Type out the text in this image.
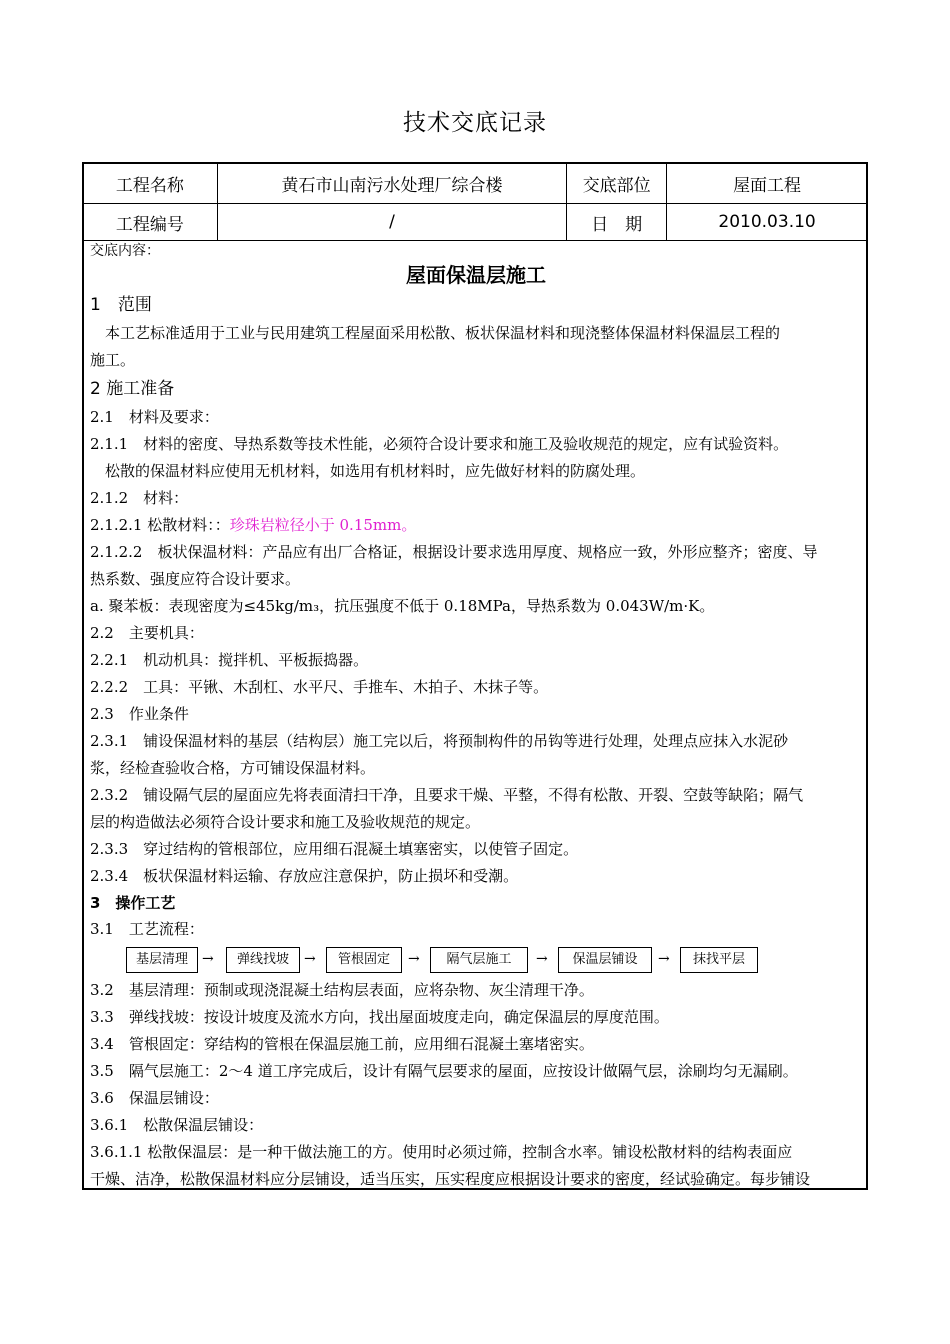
技术交底记录
工程名称	黄石市山南污水处理厂综合楼	交底部位	屋面工程
工程编号	/	日　期	2010.03.10
交底内容：
屋面保温层施工
1　范围
　本工艺标准适用于工业与民用建筑工程屋面采用松散、板状保温材料和现浇整体保温材料保温层工程的
施工。
2 施工准备
2.1　材料及要求：
2.1.1　材料的密度、导热系数等技术性能，必须符合设计要求和施工及验收规范的规定，应有试验资料。
　松散的保温材料应使用无机材料，如选用有机材料时，应先做好材料的防腐处理。
2.1.2　材料：
2.1.2.1 松散材料：：珍珠岩粒径小于 0.15mm。
2.1.2.2　板状保温材料：产品应有出厂合格证，根据设计要求选用厚度、规格应一致，外形应整齐；密度、导
热系数、强度应符合设计要求。
a. 聚苯板：表现密度为≤45kg/m₃，抗压强度不低于 0.18MPa，导热系数为 0.043W/m·K。
2.2　主要机具：
2.2.1　机动机具：搅拌机、平板振捣器。
2.2.2　工具：平锹、木刮杠、水平尺、手推车、木拍子、木抹子等。
2.3　作业条件
2.3.1　铺设保温材料的基层（结构层）施工完以后，将预制构件的吊钩等进行处理，处理点应抹入水泥砂
浆，经检查验收合格，方可铺设保温材料。
2.3.2　铺设隔气层的屋面应先将表面清扫干净，且要求干燥、平整，不得有松散、开裂、空鼓等缺陷；隔气
层的构造做法必须符合设计要求和施工及验收规范的规定。
2.3.3　穿过结构的管根部位，应用细石混凝土填塞密实，以使管子固定。
2.3.4　板状保温材料运输、存放应注意保护，防止损坏和受潮。
3　操作工艺
3.1　工艺流程：
基层清理	→	弹线找坡	→	管根固定	→	隔气层施工	→	保温层铺设	→	抹找平层
3.2　基层清理：预制或现浇混凝土结构层表面，应将杂物、灰尘清理干净。
3.3　弹线找坡：按设计坡度及流水方向，找出屋面坡度走向，确定保温层的厚度范围。
3.4　管根固定：穿结构的管根在保温层施工前，应用细石混凝土塞堵密实。
3.5　隔气层施工：2～4 道工序完成后，设计有隔气层要求的屋面，应按设计做隔气层，涂刷均匀无漏刷。
3.6　保温层铺设：
3.6.1　松散保温层铺设：
3.6.1.1 松散保温层：是一种干做法施工的方。使用时必须过筛，控制含水率。铺设松散材料的结构表面应
干燥、洁净，松散保温材料应分层铺设，适当压实，压实程度应根据设计要求的密度，经试验确定。每步铺设
